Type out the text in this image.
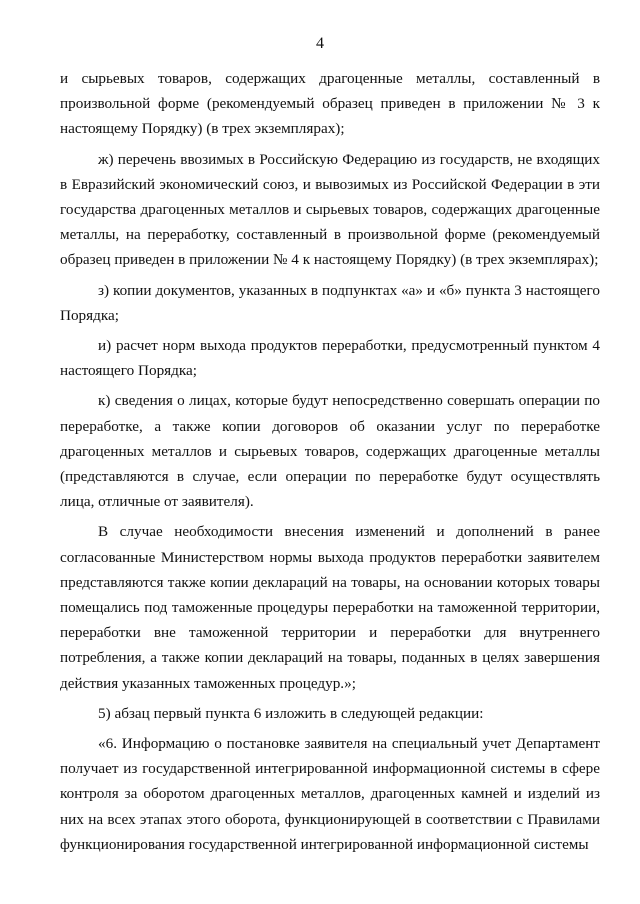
4

и сырьевых товаров, содержащих драгоценные металлы, составленный в произвольной форме (рекомендуемый образец приведен в приложении № 3 к настоящему Порядку) (в трех экземплярах);

ж) перечень ввозимых в Российскую Федерацию из государств, не входящих в Евразийский экономический союз, и вывозимых из Российской Федерации в эти государства драгоценных металлов и сырьевых товаров, содержащих драгоценные металлы, на переработку, составленный в произвольной форме (рекомендуемый образец приведен в приложении № 4 к настоящему Порядку) (в трех экземплярах);

з) копии документов, указанных в подпунктах «а» и «б» пункта 3 настоящего Порядка;

и) расчет норм выхода продуктов переработки, предусмотренный пунктом 4 настоящего Порядка;

к) сведения о лицах, которые будут непосредственно совершать операции по переработке, а также копии договоров об оказании услуг по переработке драгоценных металлов и сырьевых товаров, содержащих драгоценные металлы (представляются в случае, если операции по переработке будут осуществлять лица, отличные от заявителя).

В случае необходимости внесения изменений и дополнений в ранее согласованные Министерством нормы выхода продуктов переработки заявителем представляются также копии деклараций на товары, на основании которых товары помещались под таможенные процедуры переработки на таможенной территории, переработки вне таможенной территории и переработки для внутреннего потребления, а также копии деклараций на товары, поданных в целях завершения действия указанных таможенных процедур.»;

5) абзац первый пункта 6 изложить в следующей редакции:

«6. Информацию о постановке заявителя на специальный учет Департамент получает из государственной интегрированной информационной системы в сфере контроля за оборотом драгоценных металлов, драгоценных камней и изделий из них на всех этапах этого оборота, функционирующей в соответствии с Правилами функционирования государственной интегрированной информационной системы
